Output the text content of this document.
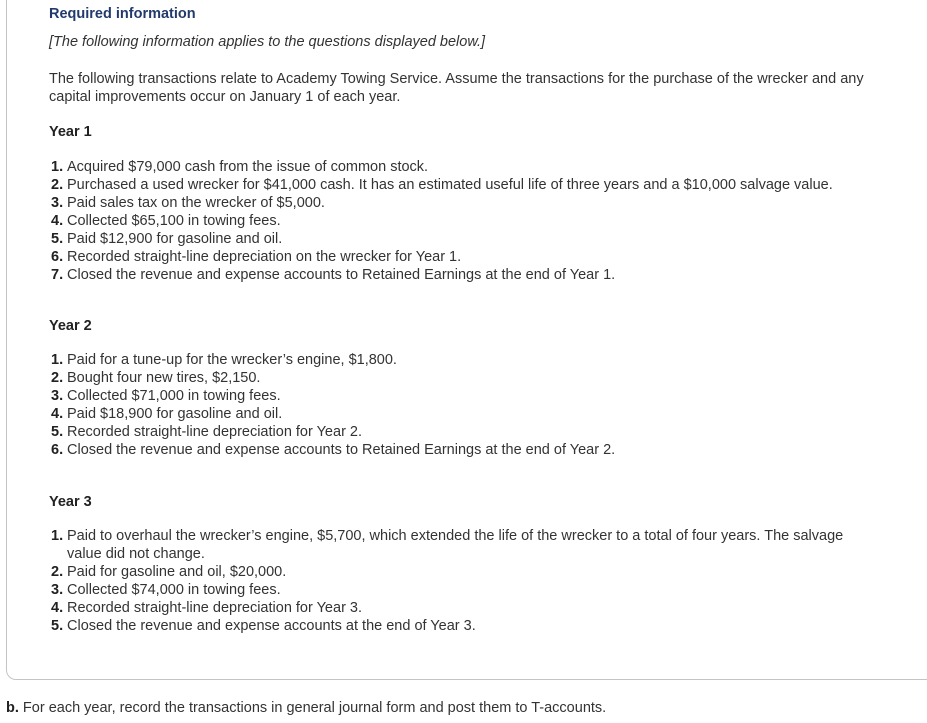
Required information
[The following information applies to the questions displayed below.]
The following transactions relate to Academy Towing Service. Assume the transactions for the purchase of the wrecker and any capital improvements occur on January 1 of each year.
Year 1
1. Acquired $79,000 cash from the issue of common stock.
2. Purchased a used wrecker for $41,000 cash. It has an estimated useful life of three years and a $10,000 salvage value.
3. Paid sales tax on the wrecker of $5,000.
4. Collected $65,100 in towing fees.
5. Paid $12,900 for gasoline and oil.
6. Recorded straight-line depreciation on the wrecker for Year 1.
7. Closed the revenue and expense accounts to Retained Earnings at the end of Year 1.
Year 2
1. Paid for a tune-up for the wrecker’s engine, $1,800.
2. Bought four new tires, $2,150.
3. Collected $71,000 in towing fees.
4. Paid $18,900 for gasoline and oil.
5. Recorded straight-line depreciation for Year 2.
6. Closed the revenue and expense accounts to Retained Earnings at the end of Year 2.
Year 3
1. Paid to overhaul the wrecker’s engine, $5,700, which extended the life of the wrecker to a total of four years. The salvage value did not change.
2. Paid for gasoline and oil, $20,000.
3. Collected $74,000 in towing fees.
4. Recorded straight-line depreciation for Year 3.
5. Closed the revenue and expense accounts at the end of Year 3.
b. For each year, record the transactions in general journal form and post them to T-accounts.
